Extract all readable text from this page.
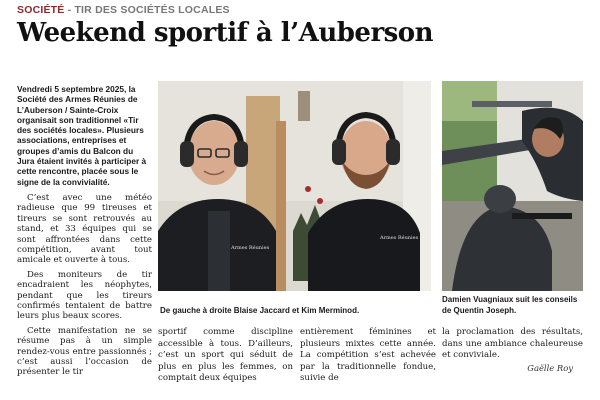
SOCIÉTÉ - TIR DES SOCIÉTÉS LOCALES
Weekend sportif à l’Auberson

Vendredi 5 septembre 2025, la Société des Armes Réunies de L’Auberson / Sainte-Croix organisait son traditionnel «Tir des sociétés locales». Plusieurs associations, entreprises et groupes d’amis du Balcon du Jura étaient invités à participer à cette rencontre, placée sous le signe de la convivialité.

C’est avec une météo radieuse que 99 tireuses et tireurs se sont retrouvés au stand, et 33 équipes qui se sont affrontées dans cette compétition, avant tout amicale et ouverte à tous.

Des moniteurs de tir encadraient les néophytes, pendant que les tireurs confirmés tentaient de battre leurs plus beaux scores.

Cette manifestation ne se résume pas à un simple rendez-vous entre passionnés ; c’est aussi l’occasion de présenter le tir

Armes Réunies
Armes Réunies
De gauche à droite Blaise Jaccard et Kim Merminod.
Damien Vuagniaux suit les conseils de Quentin Joseph.

sportif comme discipline accessible à tous. D’ailleurs, c’est un sport qui séduit de plus en plus les femmes, on comptait deux équipes

entièrement féminines et plusieurs mixtes cette année. La compétition s’est achevée par la traditionnelle fondue, suivie de

la proclamation des résultats, dans une ambiance chaleureuse et conviviale.

Gaëlle Roy
